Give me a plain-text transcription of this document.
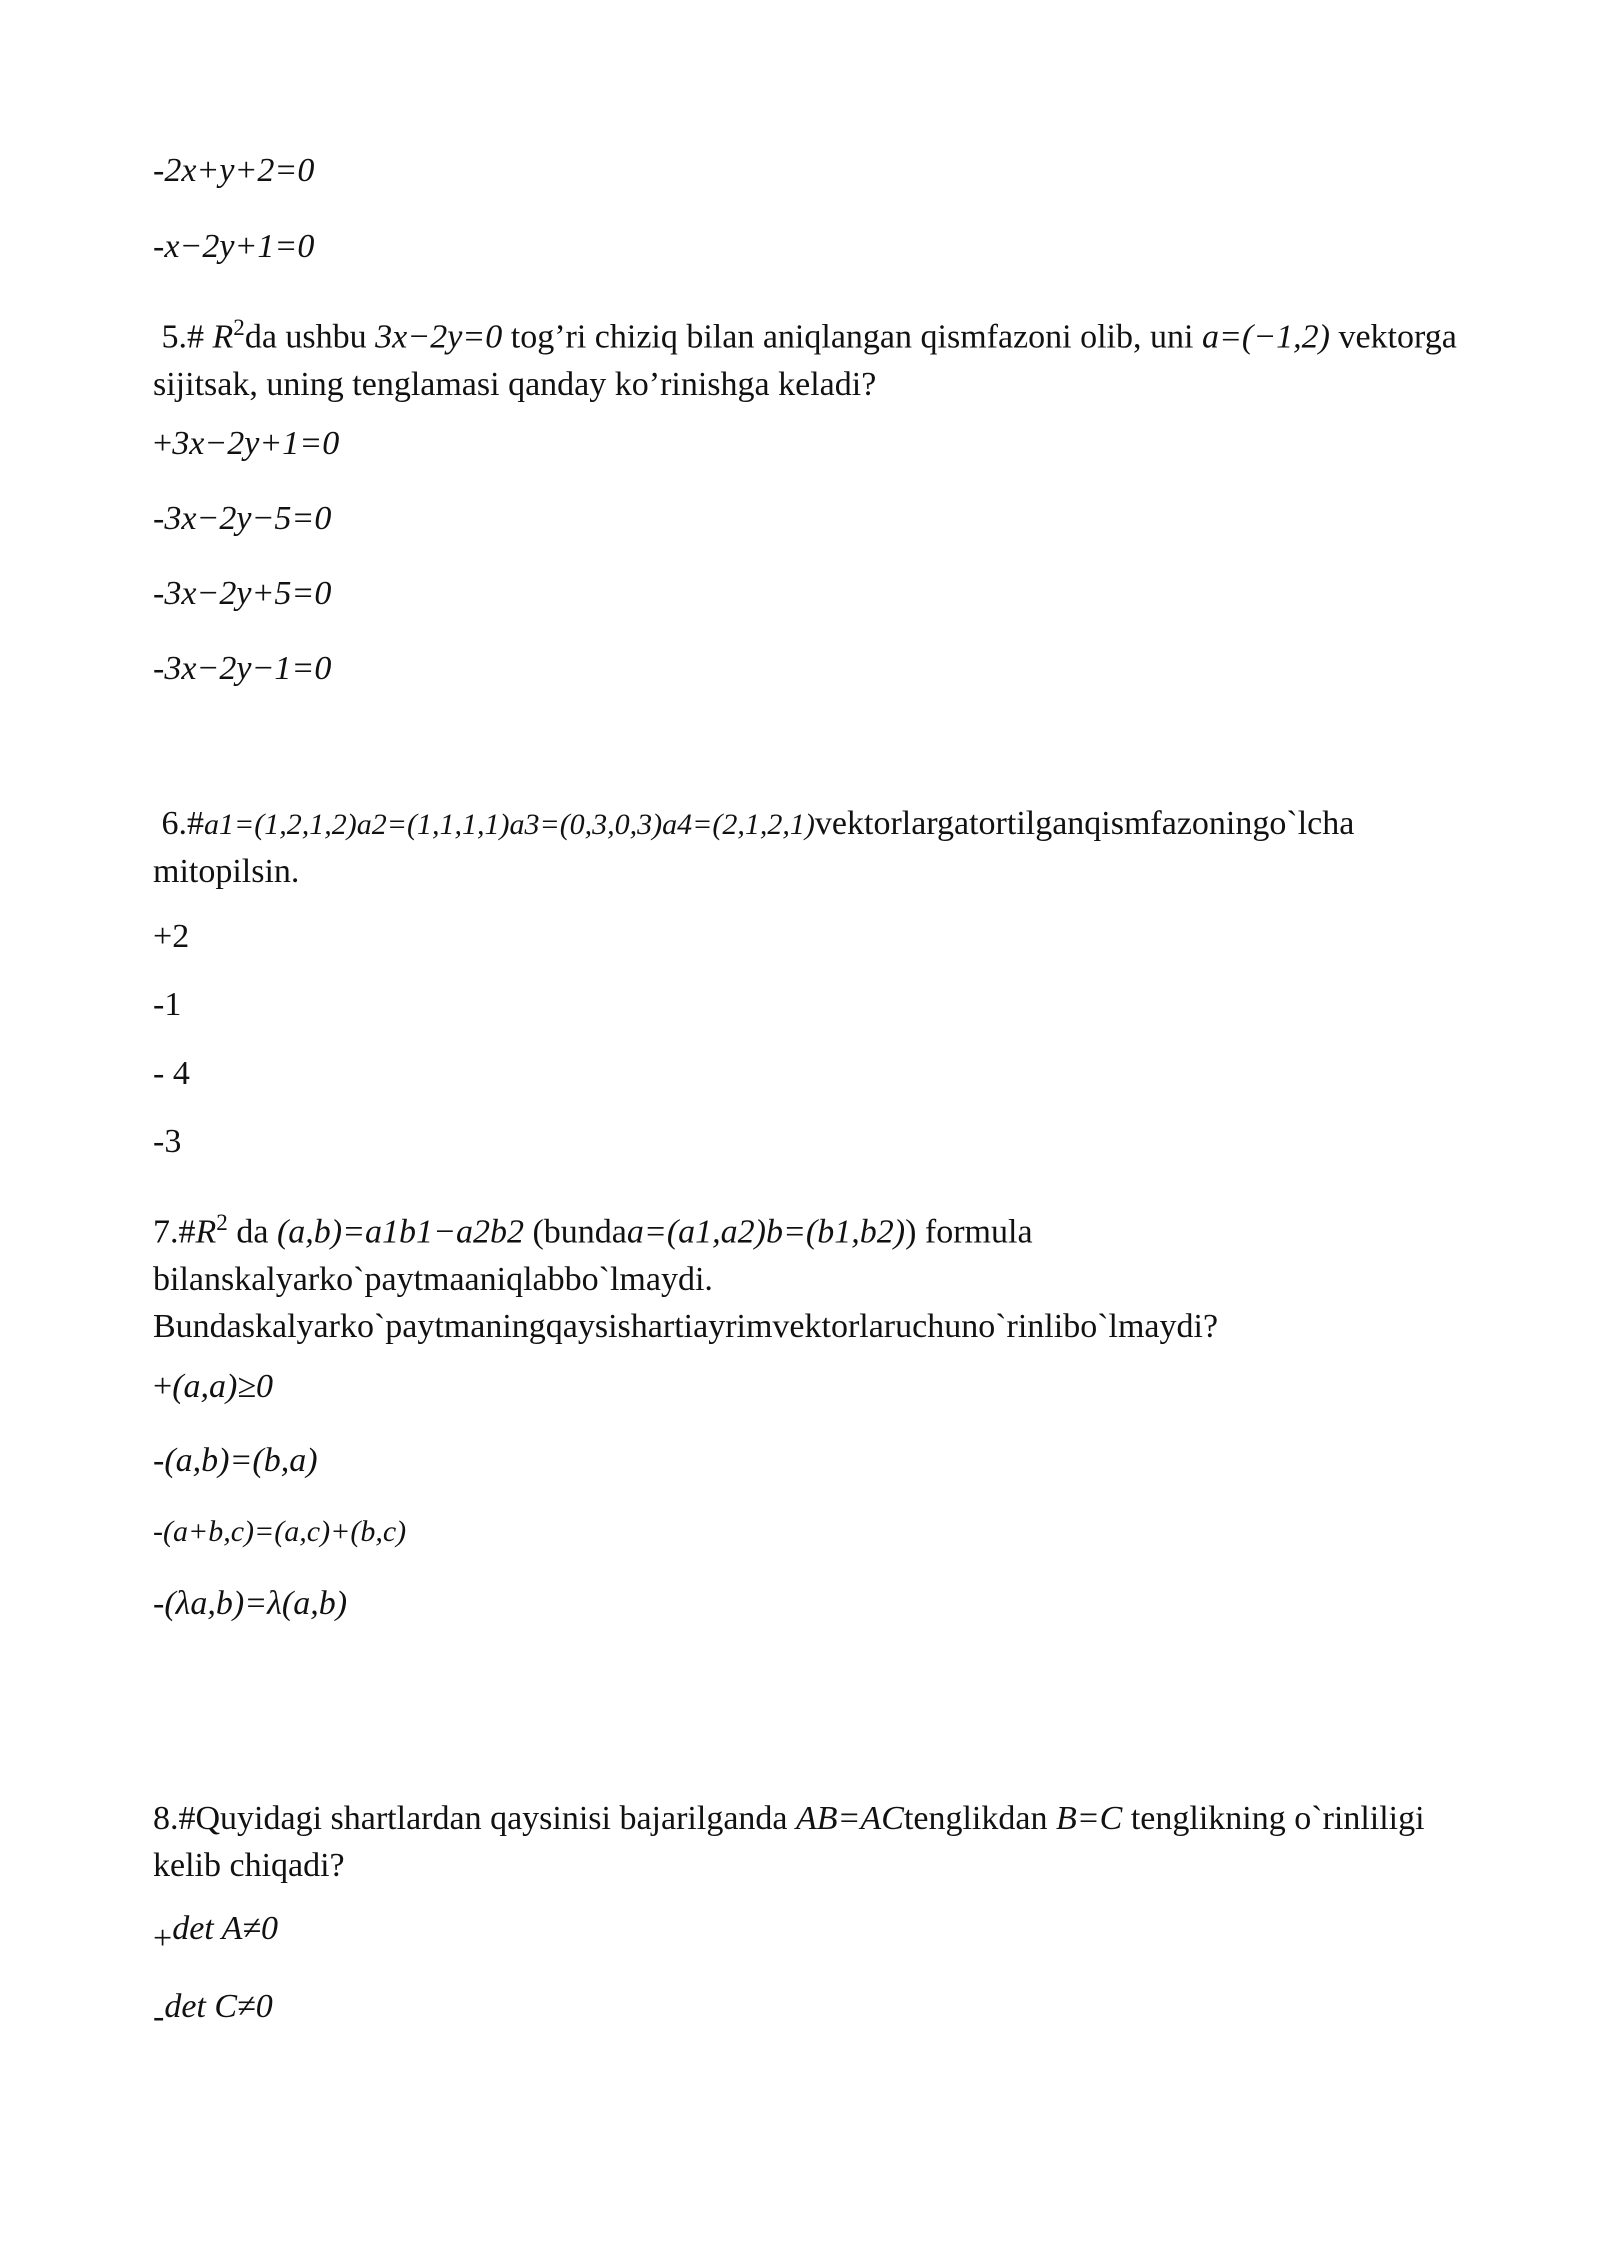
-2x+y+2=0
-x−2y+1=0
5.# $R^2da$ ushbu 3x−2y=0 tog’ri chiziq bilan aniqlangan qismfazoni olib, uni a=(−1,2) vektorga sijitsak, uning tenglamasi qanday ko’rinishga keladi?
+3x−2y+1=0
-3x−2y−5=0
-3x−2y+5=0
-3x−2y−1=0
6.#a1=(1,2,1,2)a2=(1,1,1,1)a3=(0,3,0,3)a4=(2,1,2,1)vektorlargatortilganqismfazoningo`lcha mitopilsin.
+2
-1
- 4
-3
$7.\#R^2$ da (a,b)=a1b1−a2b2 (bundaa=(a1,a2)b=(b1,b2)) formula
bilanskalyarko`paytmaaniqlabbo`lmaydi.
Bundaskalyarko`paytmaningqaysishartiayrimvektorlaruchuno`rinlibo`lmaydi?
+(a,a)≥0
-(a,b)=(b,a)
-(a+b,c)=(a,c)+(b,c)
-(λa,b)=λ(a,b)
8.#Quyidagi shartlardan qaysinisi bajarilganda AB=ACtenglikdan B=C tenglikning o`rinliligi kelib chiqadi?
+det A≠0
-det C≠0
